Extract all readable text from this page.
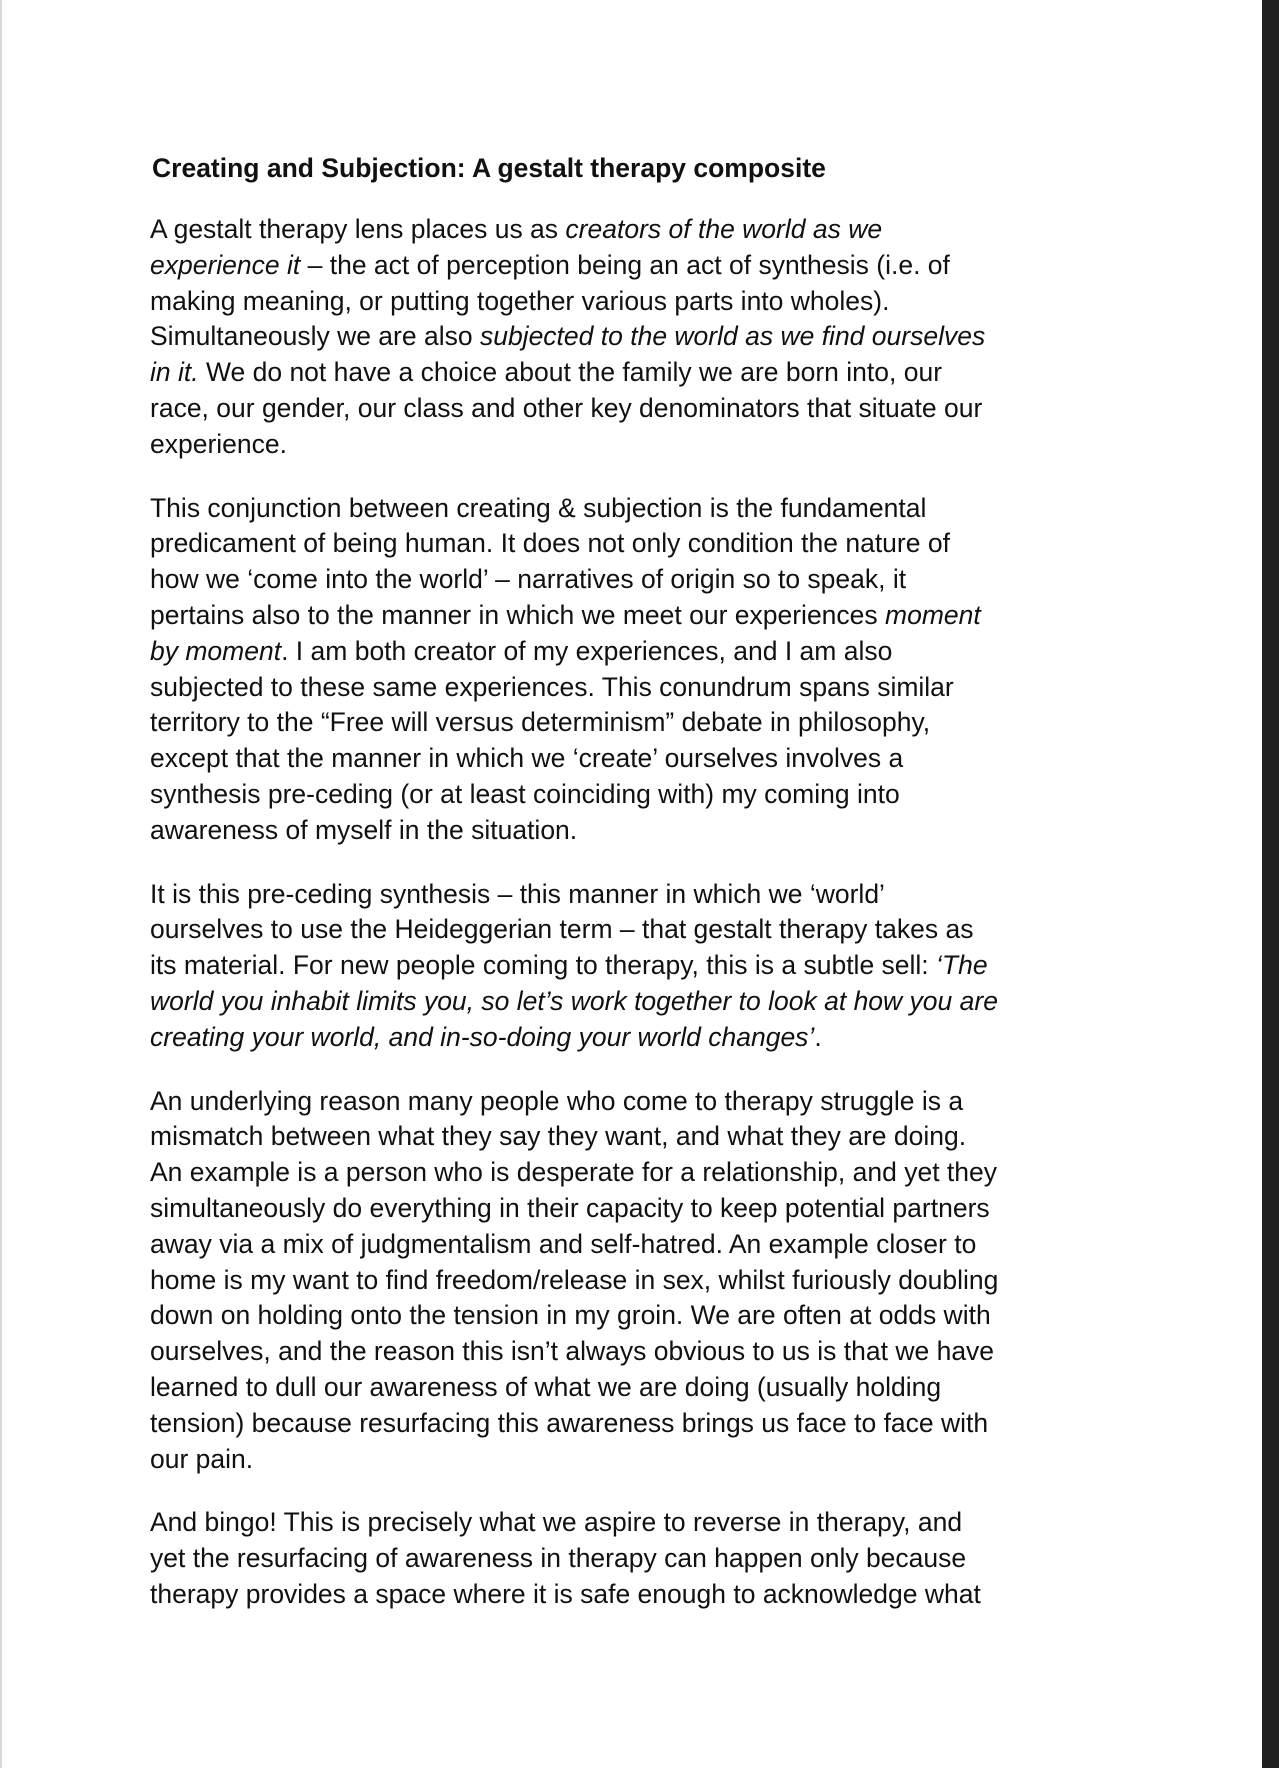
Creating and Subjection: A gestalt therapy composite
A gestalt therapy lens places us as creators of the world as we
experience it – the act of perception being an act of synthesis (i.e. of
making meaning, or putting together various parts into wholes).
Simultaneously we are also subjected to the world as we find ourselves
in it. We do not have a choice about the family we are born into, our
race, our gender, our class and other key denominators that situate our
experience.
This conjunction between creating & subjection is the fundamental
predicament of being human. It does not only condition the nature of
how we ‘come into the world’ – narratives of origin so to speak, it
pertains also to the manner in which we meet our experiences moment
by moment. I am both creator of my experiences, and I am also
subjected to these same experiences. This conundrum spans similar
territory to the “Free will versus determinism” debate in philosophy,
except that the manner in which we ‘create’ ourselves involves a
synthesis pre-ceding (or at least coinciding with) my coming into
awareness of myself in the situation.
It is this pre-ceding synthesis – this manner in which we ‘world’
ourselves to use the Heideggerian term – that gestalt therapy takes as
its material. For new people coming to therapy, this is a subtle sell: ‘The
world you inhabit limits you, so let’s work together to look at how you are
creating your world, and in-so-doing your world changes’.
An underlying reason many people who come to therapy struggle is a
mismatch between what they say they want, and what they are doing.
An example is a person who is desperate for a relationship, and yet they
simultaneously do everything in their capacity to keep potential partners
away via a mix of judgmentalism and self-hatred. An example closer to
home is my want to find freedom/release in sex, whilst furiously doubling
down on holding onto the tension in my groin. We are often at odds with
ourselves, and the reason this isn’t always obvious to us is that we have
learned to dull our awareness of what we are doing (usually holding
tension) because resurfacing this awareness brings us face to face with
our pain.
And bingo! This is precisely what we aspire to reverse in therapy, and
yet the resurfacing of awareness in therapy can happen only because
therapy provides a space where it is safe enough to acknowledge what
